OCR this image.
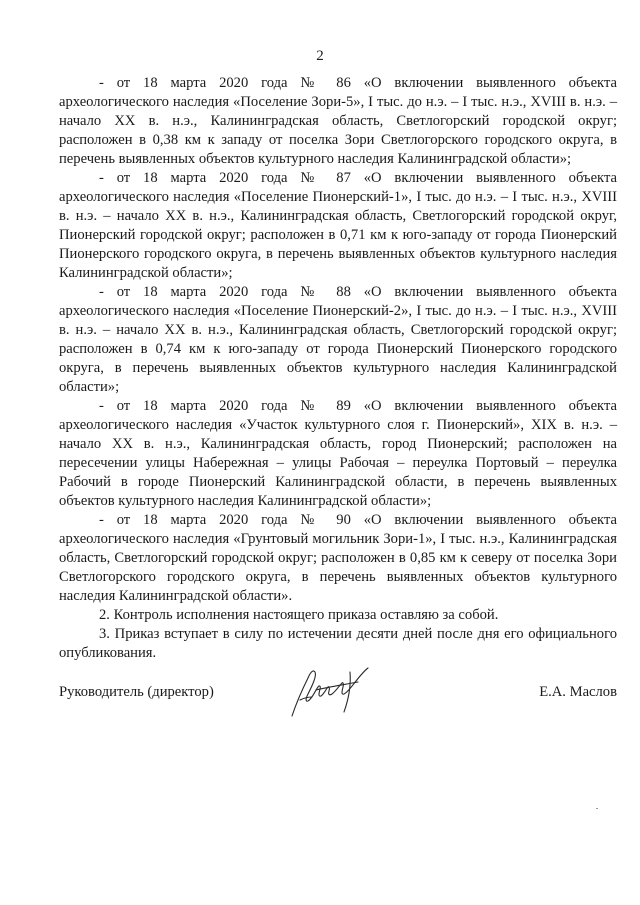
2

- от 18 марта 2020 года № 86 «О включении выявленного объекта археологического наследия «Поселение Зори-5», I тыс. до н.э. – I тыс. н.э., XVIII в. н.э. – начало XX в. н.э., Калининградская область, Светлогорский городской округ; расположен в 0,38 км к западу от поселка Зори Светлогорского городского округа, в перечень выявленных объектов культурного наследия Калининградской области»;

- от 18 марта 2020 года № 87 «О включении выявленного объекта археологического наследия «Поселение Пионерский-1», I тыс. до н.э. – I тыс. н.э., XVIII в. н.э. – начало XX в. н.э., Калининградская область, Светлогорский городской округ, Пионерский городской округ; расположен в 0,71 км к юго-западу от города Пионерский Пионерского городского округа, в перечень выявленных объектов культурного наследия Калининградской области»;

- от 18 марта 2020 года № 88 «О включении выявленного объекта археологического наследия «Поселение Пионерский-2», I тыс. до н.э. – I тыс. н.э., XVIII в. н.э. – начало XX в. н.э., Калининградская область, Светлогорский городской округ; расположен в 0,74 км к юго-западу от города Пионерский Пионерского городского округа, в перечень выявленных объектов культурного наследия Калининградской области»;

- от 18 марта 2020 года № 89 «О включении выявленного объекта археологического наследия «Участок культурного слоя г. Пионерский», XIX в. н.э. – начало XX в. н.э., Калининградская область, город Пионерский; расположен на пересечении улицы Набережная – улицы Рабочая – переулка Портовый – переулка Рабочий в городе Пионерский Калининградской области, в перечень выявленных объектов культурного наследия Калининградской области»;

- от 18 марта 2020 года № 90 «О включении выявленного объекта археологического наследия «Грунтовый могильник Зори-1», I тыс. н.э., Калининградская область, Светлогорский городской округ; расположен в 0,85 км к северу от поселка Зори Светлогорского городского округа, в перечень выявленных объектов культурного наследия Калининградской области».

2. Контроль исполнения настоящего приказа оставляю за собой.

3. Приказ вступает в силу по истечении десяти дней после дня его официального опубликования.

Руководитель (директор)	Е.А. Маслов
